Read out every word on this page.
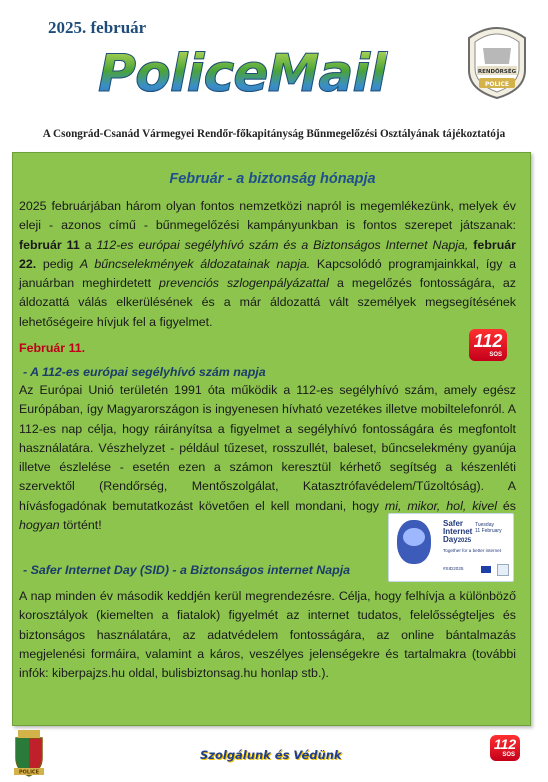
2025. február
PoliceMail	RENDŐRSÉG
POLICE
A Csongrád-Csanád Vármegyei Rendőr-főkapitányság Bűnmegelőzési Osztályának tájékoztatója
Február - a biztonság hónapja
2025 februárjában három olyan fontos nemzetközi napról is megemlékezünk, melyek év eleji - azonos című - bűnmegelőzési kampányunkban is fontos szerepet játszanak: február 11 a 112-es európai segélyhívó szám és a Biztonságos Internet Napja, február 22. pedig A bűncselekmények áldozatainak napja. Kapcsolódó programjainkkal, így a januárban meghirdetett prevenciós szlogenpályázattal a megelőzés fontosságára, az áldozattá válás elkerülésének és a már áldozattá vált személyek megsegítésének lehetőségeire hívjuk fel a figyelmet.
112
SOS
Február 11.
- A 112-es európai segélyhívó szám napja
Az Európai Unió területén 1991 óta működik a 112-es segélyhívó szám, amely egész Európában, így Magyarországon is ingyenesen hívható vezetékes illetve mobiltelefonról. A 112-es nap célja, hogy ráirányítsa a figyelmet a segélyhívó fontosságára és megfontolt használatára. Vészhelyzet - például tűzeset, rosszullét, baleset, bűncselekmény gyanúja illetve észlelése - esetén ezen a számon keresztül kérhető segítség a készenléti szervektől (Rendőrség, Mentőszolgálat, Katasztrófavédelem/Tűzoltóság). A hívásfogadónak bemutatkozást követően el kell mondani, hogy mi, mikor, hol, kivel és hogyan történt!	Safer
Internet
Day2025
Tuesday
11 February
Together for a better internet
#SID2025
- Safer Internet Day (SID) - a Biztonságos internet Napja
A nap minden év második keddjén kerül megrendezésre. Célja, hogy felhívja a különböző korosztályok (kiemelten a fiatalok) figyelmét az internet tudatos, felelősségteljes és biztonságos használatára, az adatvédelem fontosságára, az online bántalmazás megjelenési formáira, valamint a káros, veszélyes jelenségekre és tartalmakra (további infók: kiberpajzs.hu oldal, bulisbiztonsag.hu honlap stb.).
POLICE
Szolgálunk és Védünk
112
SOS
